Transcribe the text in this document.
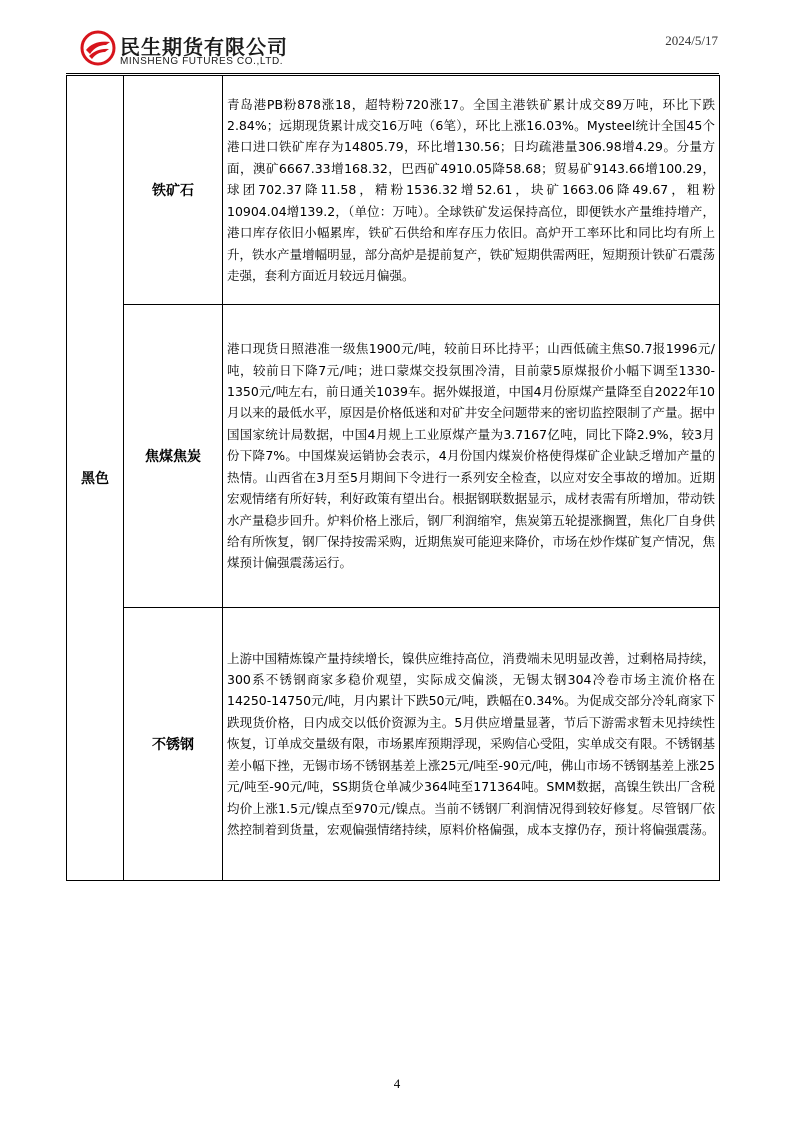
民生期货有限公司
MINSHENG FUTURES CO.,LTD.
2024/5/17
黑色	铁矿石	青岛港PB粉878涨18，超特粉720涨17。全国主港铁矿累计成交89万吨，环比下跌2.84%；远期现货累计成交16万吨（6笔），环比上涨16.03%。Mysteel统计全国45个港口进口铁矿库存为14805.79，环比增130.56；日均疏港量306.98增4.29。分量方面，澳矿6667.33增168.32，巴西矿4910.05降58.68；贸易矿9143.66增100.29，球团702.37降11.58，精粉1536.32增52.61，块矿1663.06降49.67，粗粉10904.04增139.2，（单位：万吨）。全球铁矿发运保持高位，即便铁水产量维持增产，港口库存依旧小幅累库，铁矿石供给和库存压力依旧。高炉开工率环比和同比均有所上升，铁水产量增幅明显，部分高炉是提前复产，铁矿短期供需两旺，短期预计铁矿石震荡走强，套利方面近月较远月偏强。
	焦煤焦炭	港口现货日照港准一级焦1900元/吨，较前日环比持平；山西低硫主焦S0.7报1996元/吨，较前日下降7元/吨；进口蒙煤交投氛围冷清，目前蒙5原煤报价小幅下调至1330-1350元/吨左右，前日通关1039车。据外媒报道，中国4月份原煤产量降至自2022年10月以来的最低水平，原因是价格低迷和对矿井安全问题带来的密切监控限制了产量。据中国国家统计局数据，中国4月规上工业原煤产量为3.7167亿吨，同比下降2.9%，较3月份下降7%。中国煤炭运销协会表示，4月份国内煤炭价格使得煤矿企业缺乏增加产量的热情。山西省在3月至5月期间下令进行一系列安全检查，以应对安全事故的增加。近期宏观情绪有所好转，利好政策有望出台。根据钢联数据显示，成材表需有所增加，带动铁水产量稳步回升。炉料价格上涨后，钢厂利润缩窄，焦炭第五轮提涨搁置，焦化厂自身供给有所恢复，钢厂保持按需采购，近期焦炭可能迎来降价，市场在炒作煤矿复产情况，焦煤预计偏强震荡运行。
	不锈钢	上游中国精炼镍产量持续增长，镍供应维持高位，消费端未见明显改善，过剩格局持续， 300系不锈钢商家多稳价观望，实际成交偏淡，无锡太钢304冷卷市场主流价格在14250-14750元/吨，月内累计下跌50元/吨，跌幅在0.34%。为促成交部分冷轧商家下跌现货价格，日内成交以低价资源为主。5月供应增量显著，节后下游需求暂未见持续性恢复，订单成交量级有限，市场累库预期浮现，采购信心受阻，实单成交有限。不锈钢基差小幅下挫，无锡市场不锈钢基差上涨25元/吨至-90元/吨，佛山市场不锈钢基差上涨25元/吨至-90元/吨，SS期货仓单减少364吨至171364吨。SMM数据，高镍生铁出厂含税均价上涨1.5元/镍点至970元/镍点。当前不锈钢厂利润情况得到较好修复。尽管钢厂依然控制着到货量，宏观偏强情绪持续，原料价格偏强，成本支撑仍存，预计将偏强震荡。
4
